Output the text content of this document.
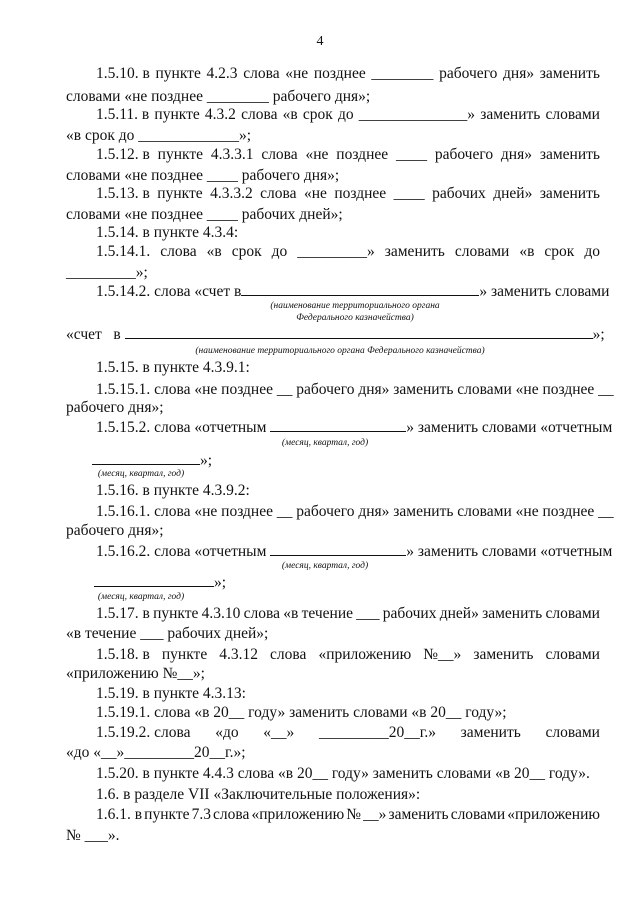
4
1.5.10. в пункте 4.2.3 слова «не позднее ________ рабочего дня» заменить
словами «не позднее ________ рабочего дня»;
1.5.11. в пункте 4.3.2 слова «в срок до ______________» заменить словами
«в срок до _____________»;
1.5.12. в пункте 4.3.3.1 слова «не позднее ____ рабочего дня» заменить
словами «не позднее ____ рабочего дня»;
1.5.13. в пункте 4.3.3.2 слова «не позднее ____ рабочих дней» заменить
словами «не позднее ____ рабочих дней»;
1.5.14. в пункте 4.3.4:
1.5.14.1. слова «в срок до _________» заменить словами «в срок до
_________»;
1.5.14.2. слова «счет в	» заменить словами
(наименование территориального органа
Федерального казначейства)
«счет   в	»;
(наименование территориального органа Федерального казначейства)
1.5.15. в пункте 4.3.9.1:
1.5.15.1. слова «не позднее __ рабочего дня» заменить словами «не позднее __
рабочего дня»;
1.5.15.2. слова «отчетным	» заменить словами «отчетным
(месяц, квартал, год)
»;
(месяц, квартал, год)
1.5.16. в пункте 4.3.9.2:
1.5.16.1. слова «не позднее __ рабочего дня» заменить словами «не позднее __
рабочего дня»;
1.5.16.2. слова «отчетным	» заменить словами «отчетным
(месяц, квартал, год)
»;
(месяц, квартал, год)
1.5.17. в пункте 4.3.10 слова «в течение ___ рабочих дней» заменить словами
«в течение ___ рабочих дней»;
1.5.18. в пункте 4.3.12 слова «приложению №__» заменить словами
«приложению №__»;
1.5.19. в пункте 4.3.13:
1.5.19.1. слова «в 20__ году» заменить словами «в 20__ году»;
1.5.19.2. слова «до «__» _________20__г.» заменить словами
«до «__»_________20__г.»;
1.5.20. в пункте 4.4.3 слова «в 20__ году» заменить словами «в 20__ году».
1.6. в разделе VII «Заключительные положения»:
1.6.1. в пункте 7.3 слова «приложению № __» заменить словами «приложению
№ ___».
